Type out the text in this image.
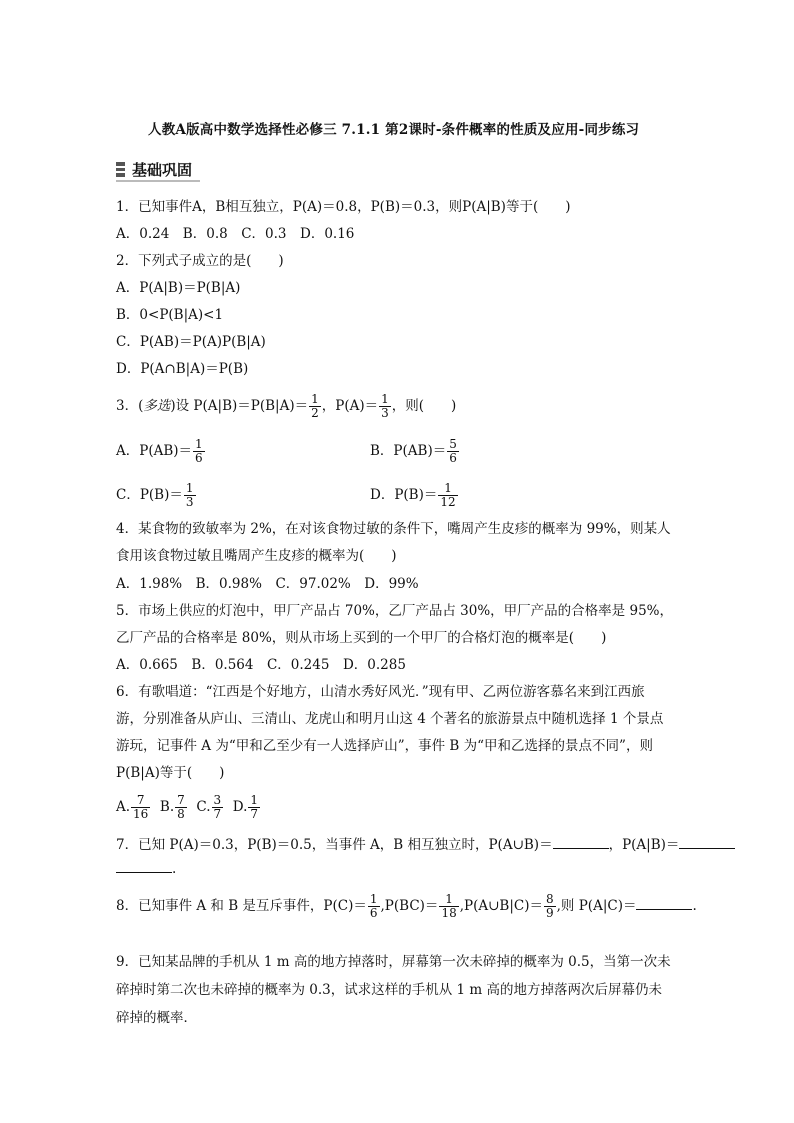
人教A版高中数学选择性必修三 7.1.1 第2课时-条件概率的性质及应用-同步练习
基础巩固
1．已知事件A，B相互独立，P(A)＝0.8，P(B)＝0.3，则P(A|B)等于(　　)
A．0.24　B．0.8　C．0.3　D．0.16
2．下列式子成立的是(　　)
A．P(A|B)＝P(B|A)
B．0<P(B|A)<1
C．P(AB)＝P(A)P(B|A)
D．P(A∩B|A)＝P(B)
3．(多选)设 $P(A|B)=P(B|A)= \frac{1}{2}$ ，$P(A)= \frac{1}{3}$ ，则(　　)
A．$P(AB)= \frac{1}{6}$	B．$P(AB)= \frac{5}{6}$
C．$P(B)= \frac{1}{3}$	D．$P(B)= \frac{1}{12}$
4．某食物的致敏率为 2%，在对该食物过敏的条件下，嘴周产生皮疹的概率为 99%，则某人
食用该食物过敏且嘴周产生皮疹的概率为(　　)
A．1.98%　B．0.98%　C．97.02%　D．99%
5．市场上供应的灯泡中，甲厂产品占 70%，乙厂产品占 30%，甲厂产品的合格率是 95%，
乙厂产品的合格率是 80%，则从市场上买到的一个甲厂的合格灯泡的概率是(　　)
A．0.665　B．0.564　C．0.245　D．0.285
6．有歌唱道：“江西是个好地方，山清水秀好风光．”现有甲、乙两位游客慕名来到江西旅
游，分别准备从庐山、三清山、龙虎山和明月山这 4 个著名的旅游景点中随机选择 1 个景点
游玩，记事件 A 为“甲和乙至少有一人选择庐山”，事件 B 为“甲和乙选择的景点不同”，则
P(B|A)等于(　　)
A. $\frac{7}{16} B$. $\frac{7}{8} C$. $\frac{3}{7} D$. $\frac{1}{7}$
7．已知 P(A)＝0.3，P(B)＝0.5，当事件 A，B 相互独立时，P(A∪B)＝	，P(A|B)＝
.
8．已知事件 A 和 B 是互斥事件，$P(C)= \frac{1}{6} ,P(BC)= \frac{1}{18}$ ,P(A∪B|C)＝ $\frac{8}{9}$ ,则 P(A|C)＝	.
9．已知某品牌的手机从 1 m 高的地方掉落时，屏幕第一次未碎掉的概率为 0.5，当第一次未
碎掉时第二次也未碎掉的概率为 0.3，试求这样的手机从 1 m 高的地方掉落两次后屏幕仍未
碎掉的概率．
